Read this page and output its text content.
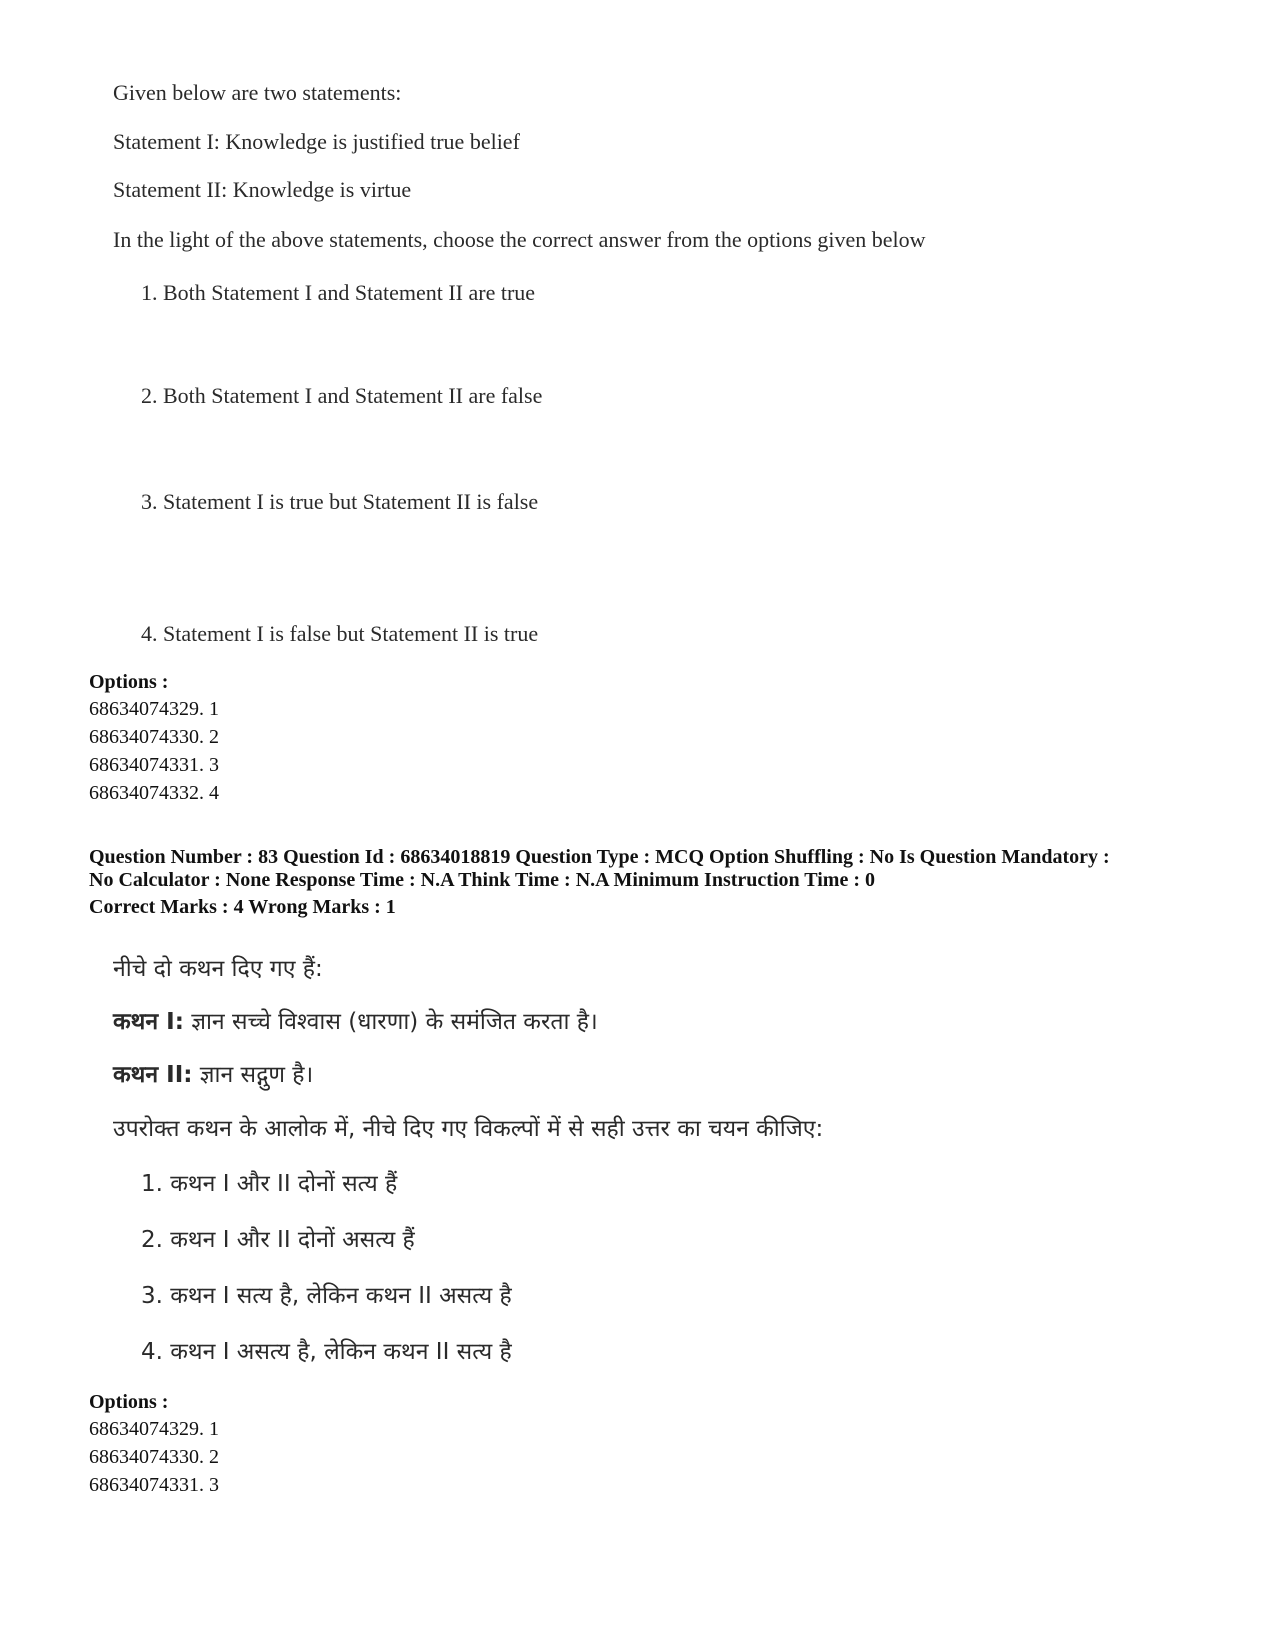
Given below are two statements:
Statement I: Knowledge is justified true belief
Statement II: Knowledge is virtue
In the light of the above statements, choose the correct answer from the options given below
1. Both Statement I and Statement II are true
2. Both Statement I and Statement II are false
3. Statement I is true but Statement II is false
4. Statement I is false but Statement II is true
Options :
68634074329. 1
68634074330. 2
68634074331. 3
68634074332. 4
Question Number : 83 Question Id : 68634018819 Question Type : MCQ Option Shuffling : No Is Question Mandatory :
No Calculator : None Response Time : N.A Think Time : N.A Minimum Instruction Time : 0
Correct Marks : 4 Wrong Marks : 1
नीचे दो कथन दिए गए हैं:
कथन I: ज्ञान सच्चे विश्वास (धारणा) के समंजित करता है।
कथन II: ज्ञान सद्गुण है।
उपरोक्त कथन के आलोक में, नीचे दिए गए विकल्पों में से सही उत्तर का चयन कीजिए:
1. कथन I और II दोनों सत्य हैं
2. कथन I और II दोनों असत्य हैं
3. कथन I सत्य है, लेकिन कथन II असत्य है
4. कथन I असत्य है, लेकिन कथन II सत्य है
Options :
68634074329. 1
68634074330. 2
68634074331. 3
